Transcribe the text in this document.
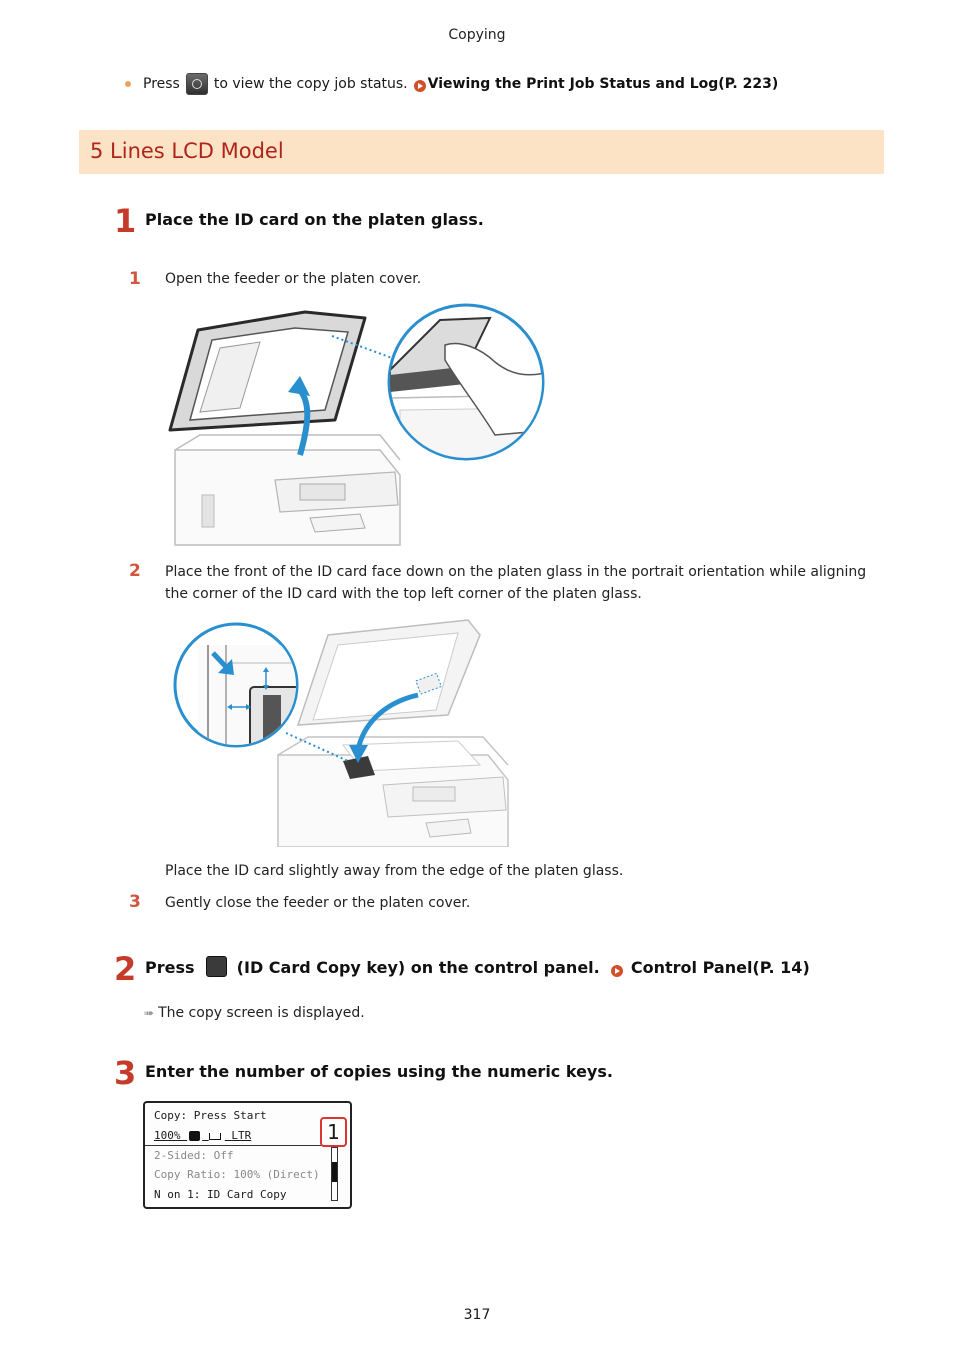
Copying
Press to view the copy job status. Viewing the Print Job Status and Log(P. 223)
5 Lines LCD Model
1 Place the ID card on the platen glass.
1 Open the feeder or the platen cover.
2 Place the front of the ID card face down on the platen glass in the portrait orientation while aligning the corner of the ID card with the top left corner of the platen glass.
Place the ID card slightly away from the edge of the platen glass.
3 Gently close the feeder or the platen cover.
2 Press	(ID Card Copy key) on the control panel. Control Panel(P. 14)
➠ The copy screen is displayed.
3 Enter the number of copies using the numeric keys.
Copy: Press Start
100%	LTR
2-Sided: Off
Copy Ratio: 100% (Direct)
N on 1: ID Card Copy
1
317
